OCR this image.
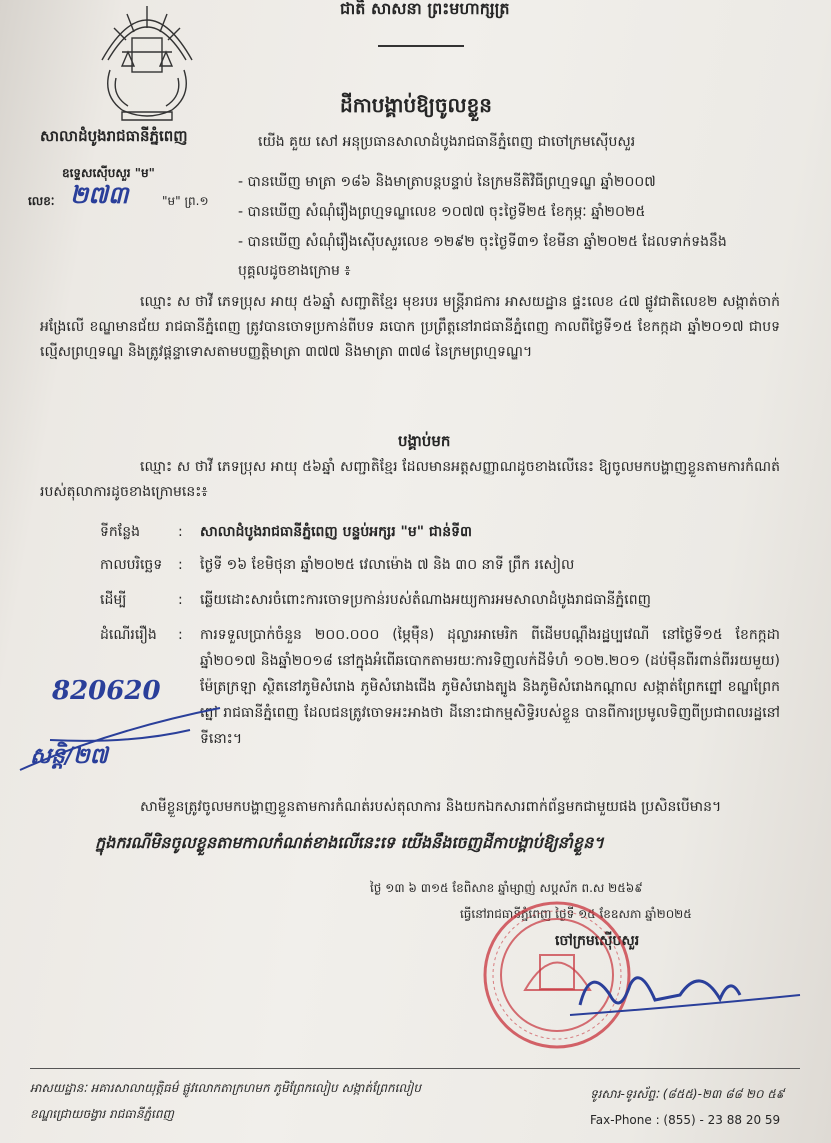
ជាតិ សាសនា ព្រះមហាក្សត្រ
សាលាដំបូងរាជធានីភ្នំពេញ
ឧទ្ទេសស៊ើបសួរ "ម"
លេខៈ ២៧៣	"ម" ព្រ.១
ដីកាបង្គាប់ឱ្យចូលខ្លួន
យើង គួយ សៅ អនុប្រធានសាលាដំបូងរាជធានីភ្នំពេញ ជាចៅក្រមស៊ើបសួរ
- បានឃើញ មាត្រា ១៨៦ និងមាត្រាបន្តបន្ទាប់ នៃក្រមនីតិវិធីព្រហ្មទណ្ឌ ឆ្នាំ២០០៧
- បានឃើញ សំណុំរឿងព្រហ្មទណ្ឌលេខ ១០៧៧ ចុះថ្ងៃទី២៥ ខែកុម្ភៈ ឆ្នាំ២០២៥
- បានឃើញ សំណុំរឿងស៊ើបសួរលេខ ១២៩២ ចុះថ្ងៃទី៣១ ខែមីនា ឆ្នាំ២០២៥ ដែលទាក់ទងនឹង
បុគ្គលដូចខាងក្រោម ៖
ឈ្មោះ ស ថាវី ភេទប្រុស អាយុ ៥៦ឆ្នាំ សញ្ជាតិខ្មែរ មុខរបរ មន្ត្រីរាជការ អាសយដ្ឋាន ផ្ទះលេខ ៤៧ ផ្លូវជាតិលេខ២ សង្កាត់ចាក់អង្រែលើ ខណ្ឌមានជ័យ រាជធានីភ្នំពេញ ត្រូវបានចោទប្រកាន់ពីបទ ឆបោក ប្រព្រឹត្តនៅរាជធានីភ្នំពេញ កាលពីថ្ងៃទី១៥ ខែកក្កដា ឆ្នាំ២០១៧ ជាបទល្មើសព្រហ្មទណ្ឌ និងត្រូវផ្តន្ទាទោសតាមបញ្ញត្តិមាត្រា ៣៧៧ និងមាត្រា ៣៧៨ នៃក្រមព្រហ្មទណ្ឌ។
បង្គាប់មក
ឈ្មោះ ស ថាវី ភេទប្រុស អាយុ ៥៦ឆ្នាំ សញ្ជាតិខ្មែរ ដែលមានអត្តសញ្ញាណដូចខាងលើនេះ ឱ្យចូលមកបង្ហាញខ្លួនតាមការកំណត់របស់តុលាការដូចខាងក្រោមនេះ៖
ទីកន្លែង	: សាលាដំបូងរាជធានីភ្នំពេញ បន្ទប់អក្សរ "ម" ជាន់ទី៣
កាលបរិច្ឆេទ : ថ្ងៃទី ១៦ ខែមិថុនា ឆ្នាំ២០២៥ វេលាម៉ោង ៧ និង ៣០ នាទី ព្រឹក រសៀល
ដើម្បី	: ឆ្លើយដោះសារចំពោះការចោទប្រកាន់របស់តំណាងអយ្យការអមសាលាដំបូងរាជធានីភ្នំពេញ
ដំណើររឿង : ការទទួលប្រាក់ចំនួន ២០០.០០០ (ម្ភៃម៉ឺន) ដុល្លារអាមេរិក ពីដើមបណ្តឹងរដ្ឋប្បវេណី នៅថ្ងៃទី១៥ ខែកក្កដា ឆ្នាំ២០១៧ និងឆ្នាំ២០១៨ នៅក្នុងអំពើឆបោកតាមរយៈការទិញលក់ដីទំហំ ១០២.២០១ (ដប់ម៉ឺនពីរពាន់ពីររយមួយ) ម៉ែត្រក្រឡា ស្ថិតនៅភូមិសំរោង ភូមិសំរោងជើង ភូមិសំរោងត្បូង និងភូមិសំរោងកណ្តាល សង្កាត់ព្រែកព្នៅ ខណ្ឌព្រែកព្នៅ រាជធានីភ្នំពេញ ដែលជនត្រូវចោទអះអាងថា ដីនោះជាកម្មសិទ្ធិរបស់ខ្លួន បានពីការប្រមូលទិញពីប្រជាពលរដ្ឋនៅទីនោះ។
820620
សន្តិ/២៧
សាមីខ្លួនត្រូវចូលមកបង្ហាញខ្លួនតាមការកំណត់របស់តុលាការ និងយកឯកសារពាក់ព័ន្ធមកជាមួយផង ប្រសិនបើមាន។
ក្នុងករណីមិនចូលខ្លួនតាមកាលកំណត់ខាងលើនេះទេ យើងនឹងចេញដីកាបង្គាប់ឱ្យនាំខ្លួន។
ថ្ងៃ ១៣ ៦ ៣១៥ ខែពិសាខ ឆ្នាំម្សាញ់ សប្តស័ក ព.ស ២៥៦៩
ធ្វើនៅរាជធានីភ្នំពេញ ថ្ងៃទី ១៥ ខែឧសភា ឆ្នាំ២០២៥
ចៅក្រមស៊ើបសួរ
អាសយដ្ឋានៈ អគារសាលាយុត្តិធម៌ ផ្លូវលោកតាក្រហមក ភូមិព្រែកលៀប សង្កាត់ព្រែកលៀប
ខណ្ឌជ្រោយចង្វារ រាជធានីភ្នំពេញ
ទូរសារ-ទូរស័ព្ទៈ (៨៥៥)-២៣ ៨៨ ២០ ៥៩
Fax-Phone : (855) - 23 88 20 59
